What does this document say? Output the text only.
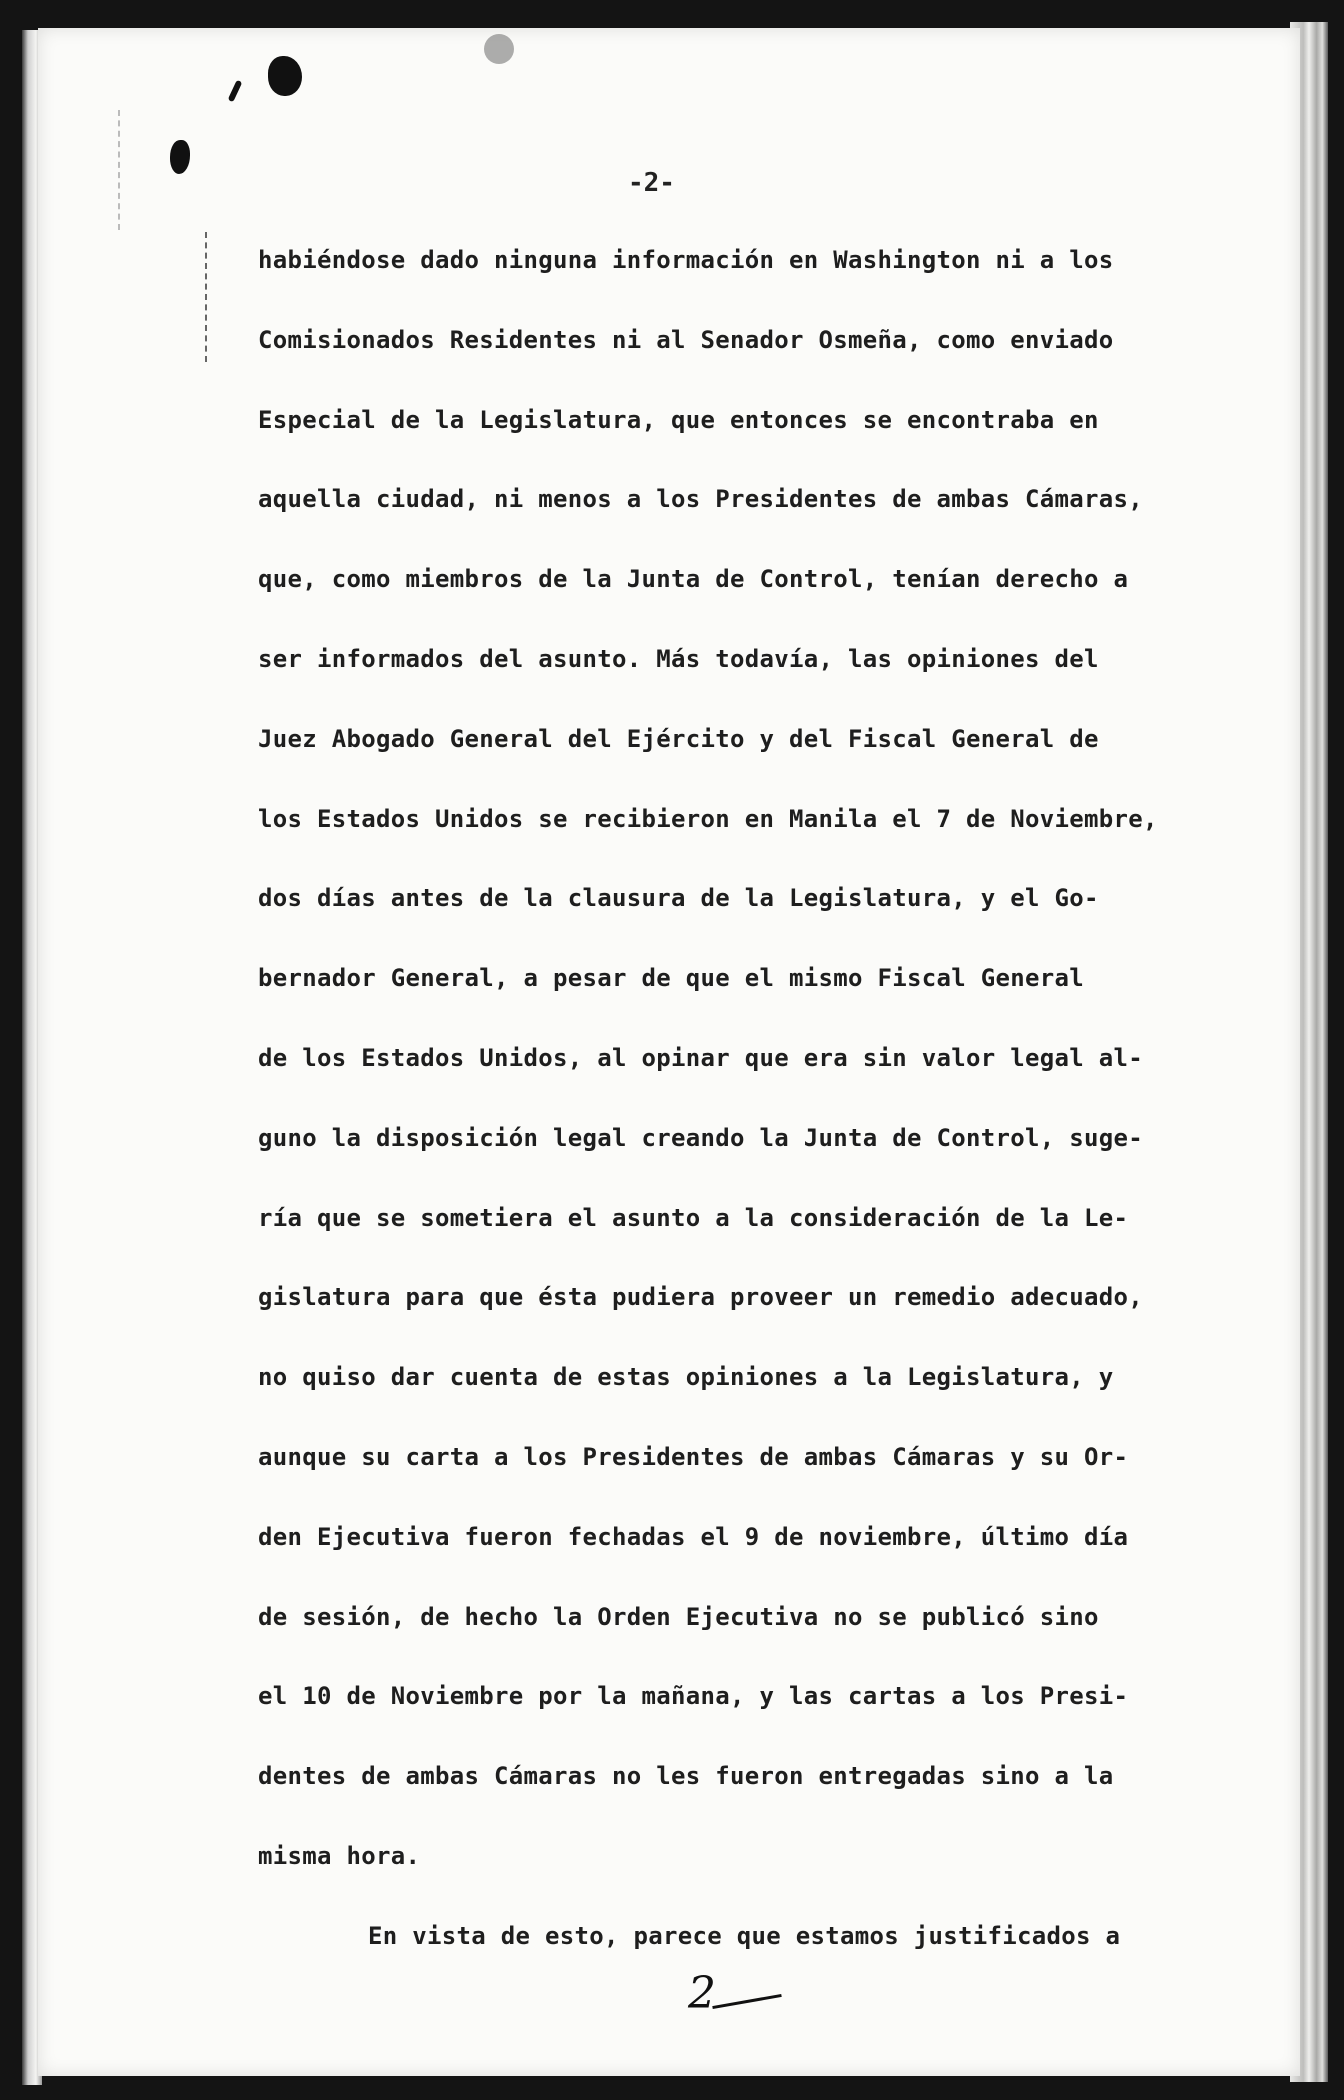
-2-
habiéndose dado ninguna información en Washington ni a los
Comisionados Residentes ni al Senador Osmeña, como enviado
Especial de la Legislatura, que entonces se encontraba en
aquella ciudad, ni menos a los Presidentes de ambas Cámaras,
que, como miembros de la Junta de Control, tenían derecho a
ser informados del asunto. Más todavía, las opiniones del
Juez Abogado General del Ejército y del Fiscal General de
los Estados Unidos se recibieron en Manila el 7 de Noviembre,
dos días antes de la clausura de la Legislatura, y el Go-
bernador General, a pesar de que el mismo Fiscal General
de los Estados Unidos, al opinar que era sin valor legal al-
guno la disposición legal creando la Junta de Control, suge-
ría que se sometiera el asunto a la consideración de la Le-
gislatura para que ésta pudiera proveer un remedio adecuado,
no quiso dar cuenta de estas opiniones a la Legislatura, y
aunque su carta a los Presidentes de ambas Cámaras y su Or-
den Ejecutiva fueron fechadas el 9 de noviembre, último día
de sesión, de hecho la Orden Ejecutiva no se publicó sino
el 10 de Noviembre por la mañana, y las cartas a los Presi-
dentes de ambas Cámaras no les fueron entregadas sino a la
misma hora.
En vista de esto, parece que estamos justificados a
2
